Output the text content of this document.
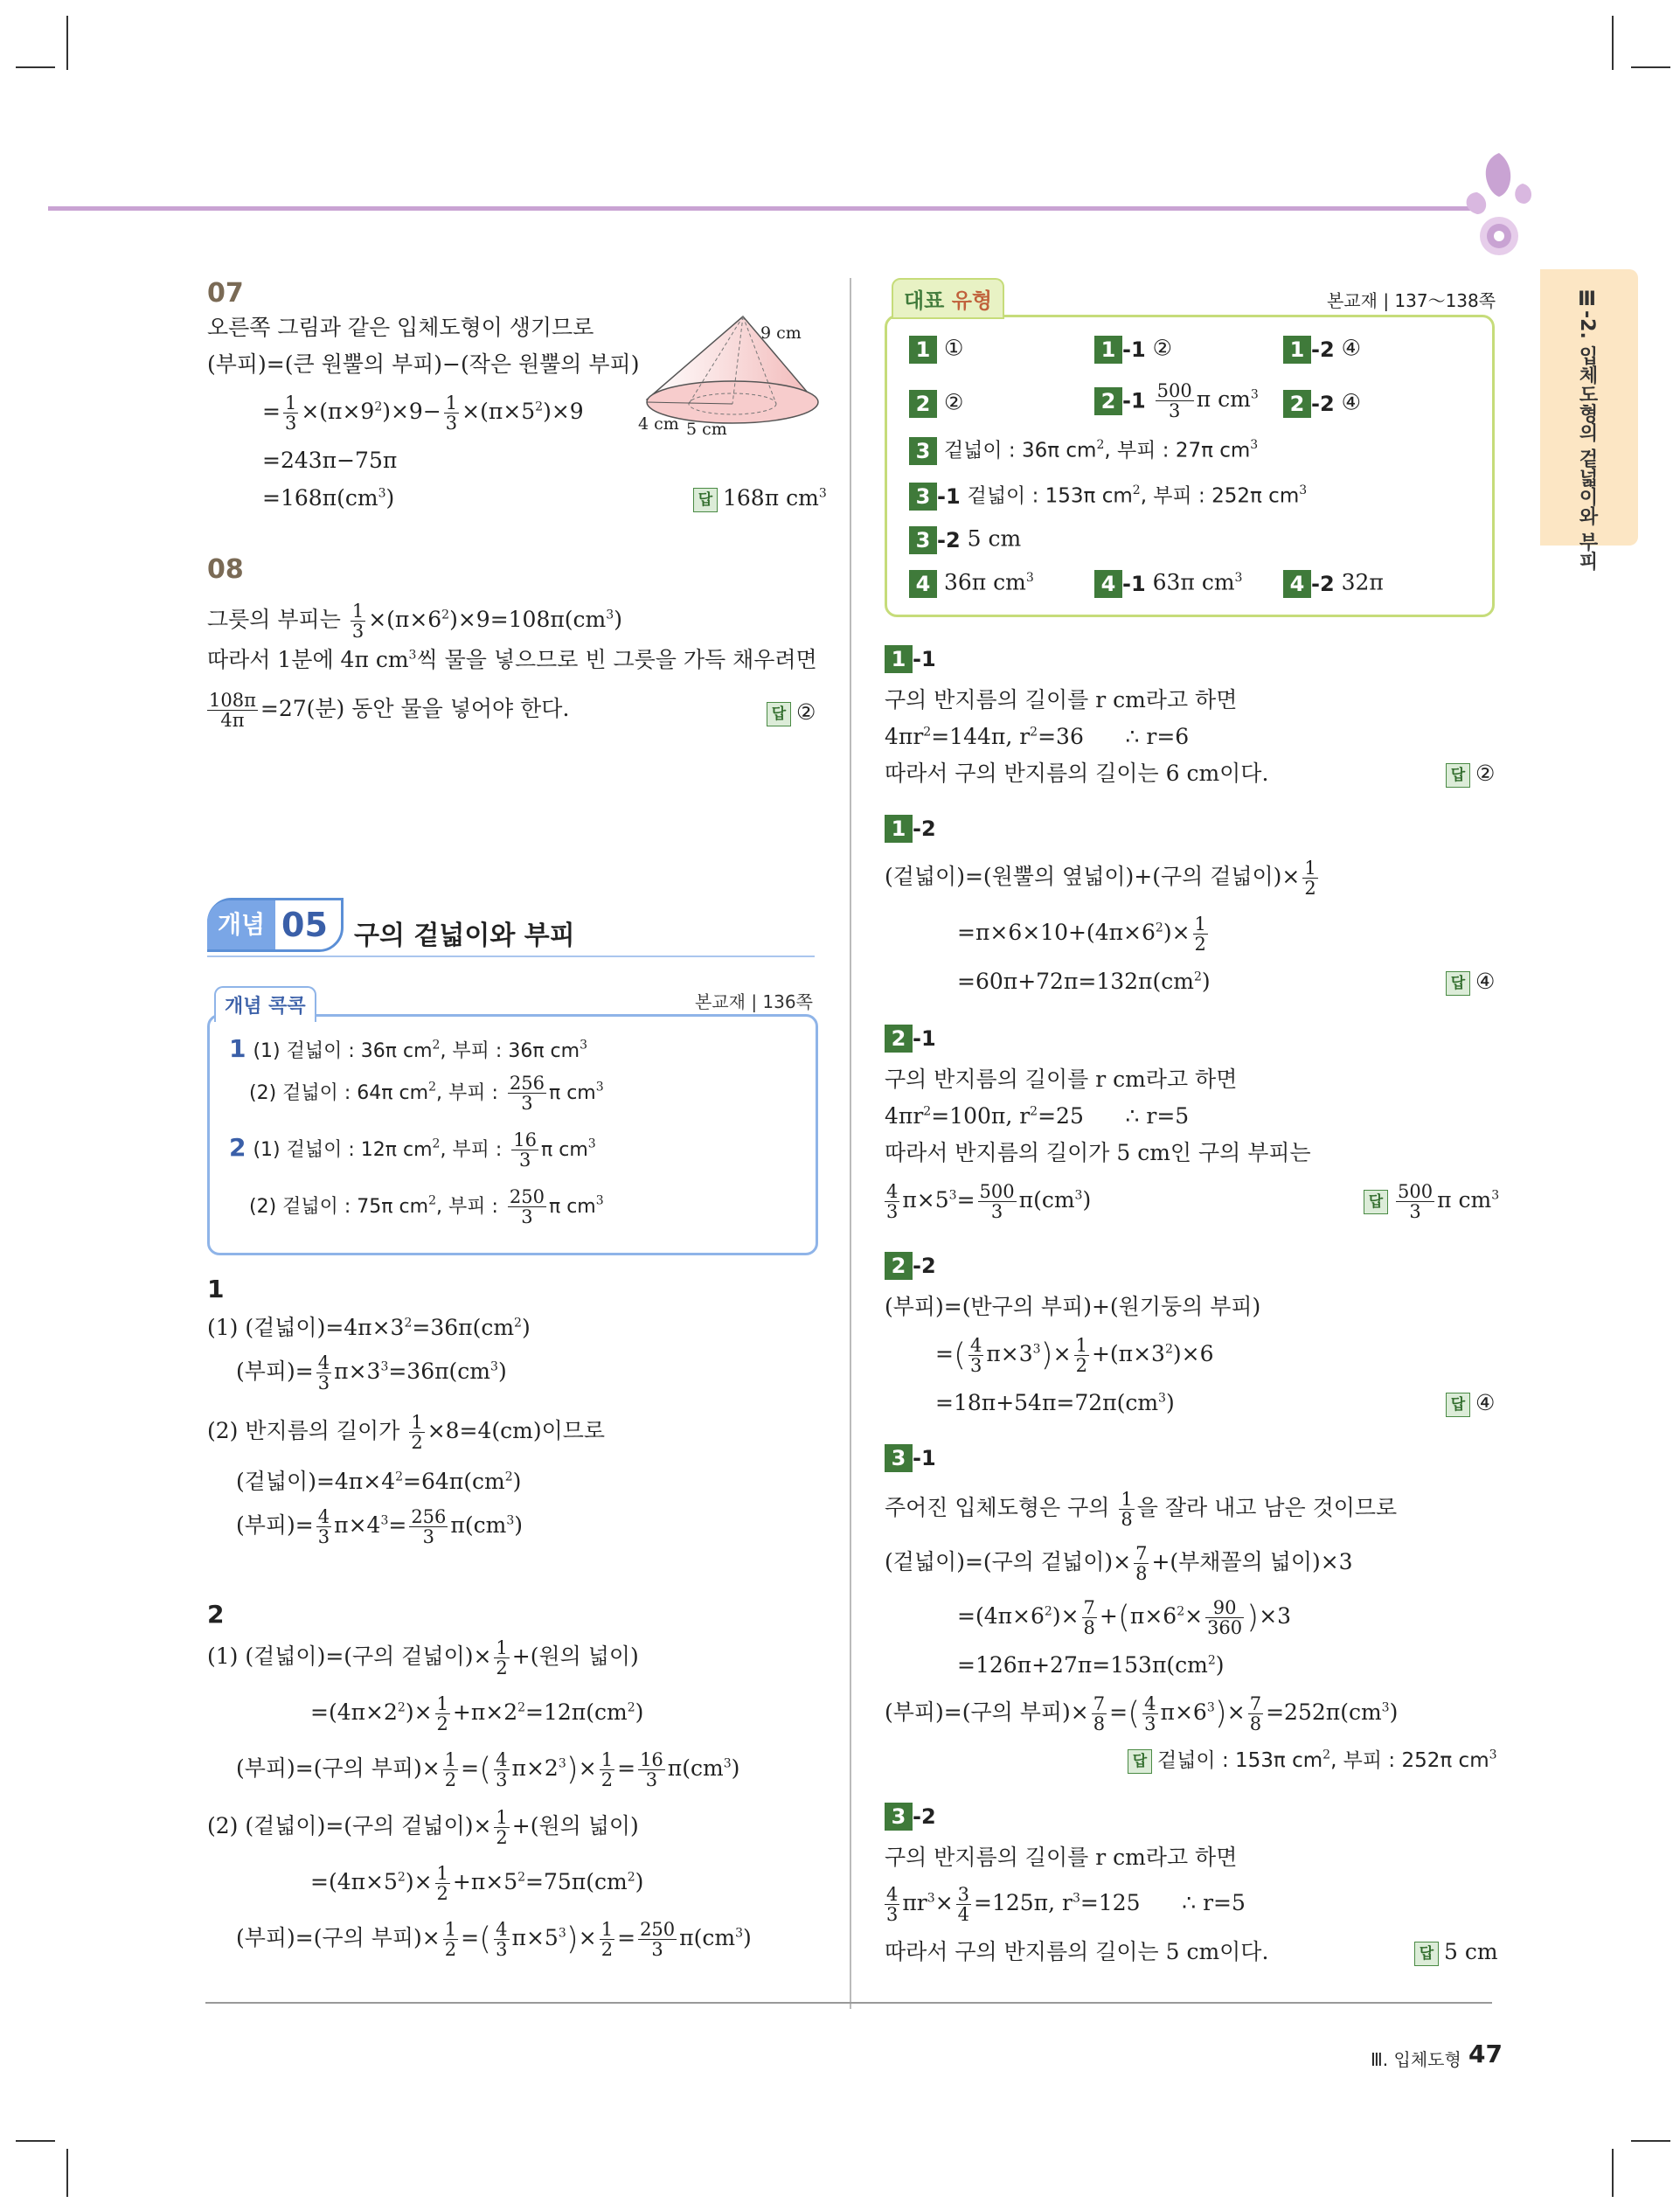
Ⅲ-2. 입체도형의 겉넓이와 부피
07
오른쪽 그림과 같은 입체도형이 생기므로
(부피)=(큰 원뿔의 부피)−(작은 원뿔의 부피)
= $\frac{1}{3} \times(\pi\times 9^2)\times 9- \frac{1}{3} \times(\pi\times 5^2)\times 9$
=243π−75π
$=168\pi(cm^3)$	답 168π $cm^3$
9 cm
4 cm 5 cm
08
그릇의 부피는 $\frac{1}{3} \times(\pi\times 6^2)\times 9=108\pi(cm^3)$
따라서 1분에 4π $cm^3$씩 물을 넣으므로 빈 그릇을 가득 채우려면
$\frac{108\pi}{4\pi} =27$(분) 동안 물을 넣어야 한다.	답 ②
개념 05 구의 겉넓이와 부피
개념 콕콕	본교재 | 136쪽
1 (1) 겉넓이 : 36π $cm^2$, 부피 : 36π $cm^3$
(2) 겉넓이 : 64π $cm^2$, 부피 : $\frac{256}{3}$ π $cm^3$
2 (1) 겉넓이 : 12π $cm^2$, 부피 : $\frac{16}{3}$ π $cm^3$
(2) 겉넓이 : 75π $cm^2$, 부피 : $\frac{250}{3}$ π $cm^3$
1
(1) (겉넓이)$=4\pi\times 3^2=36\pi(cm^2)$
(부피)= $\frac{4}{3} \pi\times 3^3=36\pi(cm^3)$
(2) 반지름의 길이가 $\frac{1}{2} \times 8=4(cm)$이므로
(겉넓이)$=4\pi\times 4^2=64\pi(cm^2)$
(부피)= $\frac{4}{3} \pi\times 4^3= \frac{256}{3} \pi(cm^3)$
2
(1) (겉넓이)=(구의 겉넓이)× $\frac{1}{2}$ +(원의 넓이)
$=(4\pi\times 2^2)\times \frac{1}{2} +\pi\times 2^2=12\pi(cm^2)$
(부피)=(구의 부피)× $\frac{1}{2}$ =( $\frac{4}{3} \pi\times 2^3)\times \frac{1}{2} = \frac{16}{3} \pi(cm^3)$
(2) (겉넓이)=(구의 겉넓이)× $\frac{1}{2}$ +(원의 넓이)
$=(4\pi\times 5^2)\times \frac{1}{2} +\pi\times 5^2=75\pi(cm^2)$
(부피)=(구의 부피)× $\frac{1}{2}$ =( $\frac{4}{3} \pi\times 5^3)\times \frac{1}{2} = \frac{250}{3} \pi(cm^3)$
대표 유형	본교재 | 137～138쪽
1 ①	1 -1 ②	1 -2 ④
2 ②	2 $-1 \frac{500}{3}$ π $cm^3$	2 -2 ④
3 겉넓이 : 36π $cm^2$, 부피 : 27π $cm^3$
3 -1 겉넓이 : 153π $cm^2$, 부피 : 252π $cm^3$
3 -2 5 cm
4 36π $cm^3$	4 -1 63π $cm^3$	4 -2 32π
1 -1
구의 반지름의 길이를 r cm라고 하면
$4\pi r^2=144\pi$, $r^2=36$ ∴ r=6
따라서 구의 반지름의 길이는 6 cm이다.	답 ②
1 -2
(겉넓이)=(원뿔의 옆넓이)+(구의 겉넓이)× $\frac{1}{2}$
$=\pi\times 6\times 10+(4\pi\times 6^2)\times \frac{1}{2}$
$=60\pi+72\pi=132\pi(cm^2)$	답 ④
2 -1
구의 반지름의 길이를 r cm라고 하면
$4\pi r^2=100\pi$, $r^2=25$ ∴ r=5
따라서 반지름의 길이가 5 cm인 구의 부피는
$\frac{4}{3} \pi\times 5^3= \frac{500}{3} \pi(cm^3)$	답 $\frac{500}{3}$ π $cm^3$
2 -2
(부피)=(반구의 부피)+(원기둥의 부피)
=( $\frac{4}{3} \pi\times 3^3)\times \frac{1}{2} +(\pi\times 3^2)\times 6$
$=18\pi+54\pi=72\pi(cm^3)$	답 ④
3 -1
주어진 입체도형은 구의 $\frac{1}{8}$ 을 잘라 내고 남은 것이므로
(겉넓이)=(구의 겉넓이)× $\frac{7}{8}$ +(부채꼴의 넓이)×3
$=(4\pi\times 6^2)\times \frac{7}{8} +(\pi\times 6^2\times \frac{90}{360} )\times 3$
$=126\pi+27\pi=153\pi(cm^2)$
(부피)=(구의 부피)× $\frac{7}{8}$ =( $\frac{4}{3} \pi\times 6^3)\times \frac{7}{8} =252\pi(cm^3)$
답 겉넓이 : 153π $cm^2$, 부피 : 252π $cm^3$
3 -2
구의 반지름의 길이를 r cm라고 하면
$\frac{4}{3} \pi r^3\times \frac{3}{4} =125\pi$, $r^3=125$ ∴ r=5
따라서 구의 반지름의 길이는 5 cm이다.	답 5 cm
Ⅲ. 입체도형 47
